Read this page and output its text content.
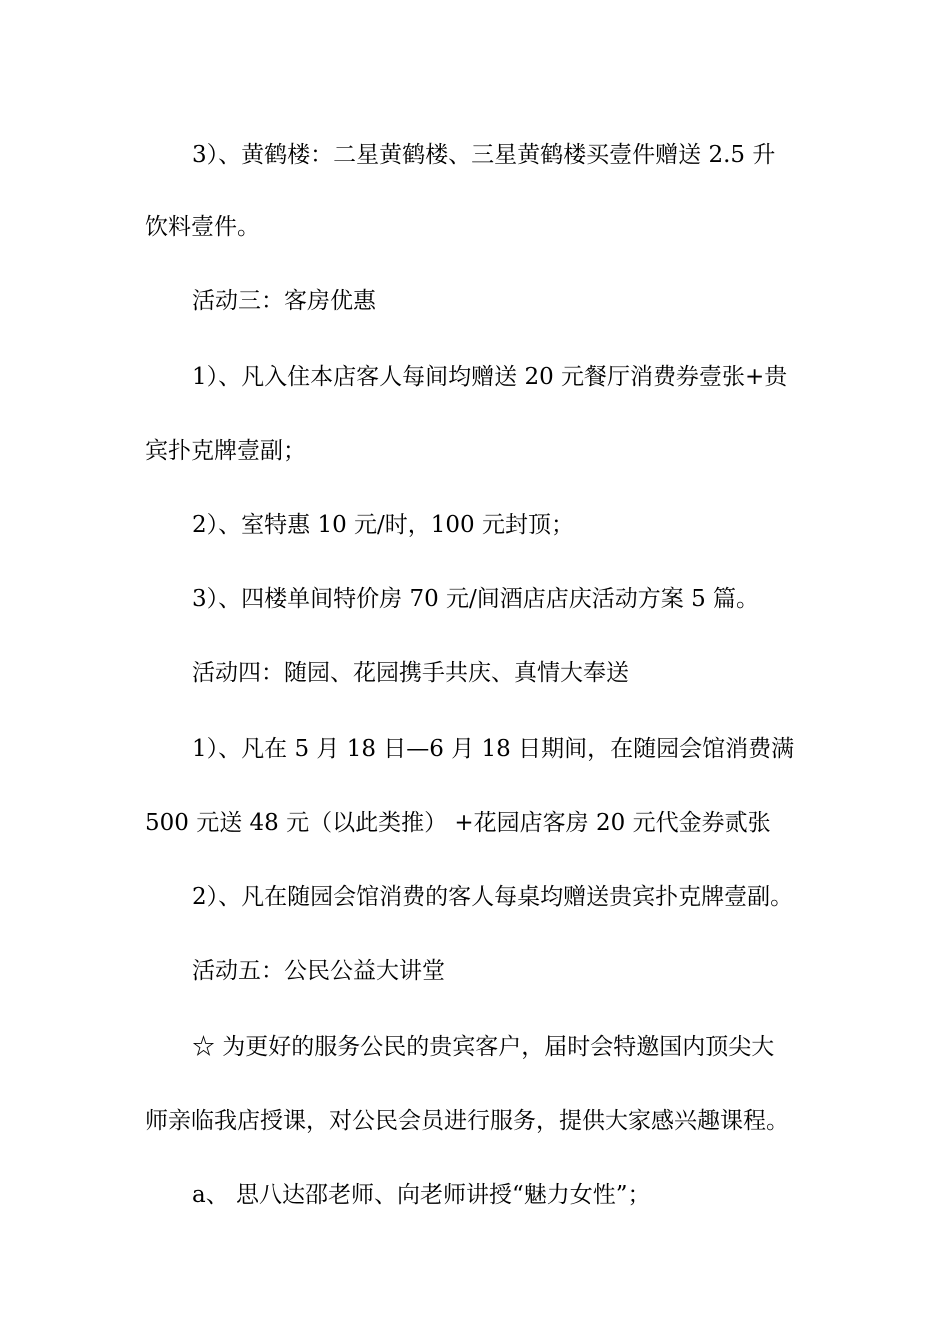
3）、黄鹤楼：二星黄鹤楼、三星黄鹤楼买壹件赠送 2.5 升
饮料壹件。
活动三：客房优惠
1）、凡入住本店客人每间均赠送 20 元餐厅消费券壹张+贵
宾扑克牌壹副；
2）、室特惠 10 元/时，100 元封顶；
3）、四楼单间特价房 70 元/间酒店店庆活动方案 5 篇。
活动四：随园、花园携手共庆、真情大奉送
1）、凡在 5 月 18 日—6 月 18 日期间，在随园会馆消费满
500 元送 48 元（以此类推） +花园店客房 20 元代金券贰张
2）、凡在随园会馆消费的客人每桌均赠送贵宾扑克牌壹副。
活动五：公民公益大讲堂
☆ 为更好的服务公民的贵宾客户，届时会特邀国内顶尖大
师亲临我店授课，对公民会员进行服务，提供大家感兴趣课程。
a、 思八达邵老师、向老师讲授“魅力女性”；
